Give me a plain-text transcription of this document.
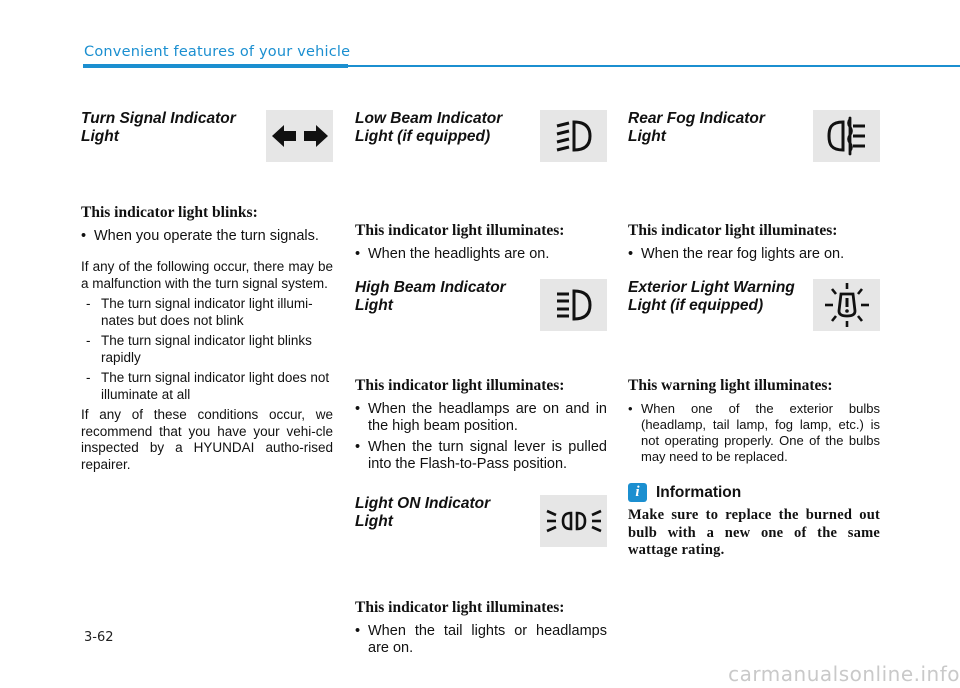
Convenient features of your vehicle
Turn Signal Indicator Light
This indicator light blinks:
• When you operate the turn signals.
If any of the following occur, there may be a malfunction with the turn signal system.
- The turn signal indicator light illumi-nates but does not blink
- The turn signal indicator light blinks rapidly
- The turn signal indicator light does not illuminate at all
If any of these conditions occur, we recommend that you have your vehi-cle inspected by a HYUNDAI autho-rised repairer.
Low Beam Indicator Light (if equipped)
This indicator light illuminates:
• When the headlights are on.
High Beam Indicator Light
This indicator light illuminates:
• When the headlamps are on and in the high beam position.
• When the turn signal lever is pulled into the Flash-to-Pass position.
Light ON Indicator Light
This indicator light illuminates:
• When the tail lights or headlamps are on.
Rear Fog Indicator Light
This indicator light illuminates:
• When the rear fog lights are on.
Exterior Light Warning Light (if equipped)
This warning light illuminates:
• When one of the exterior bulbs (headlamp, tail lamp, fog lamp, etc.) is not operating properly. One of the bulbs may need to be replaced.
i	Information
Make sure to replace the burned out bulb with a new one of the same wattage rating.
3-62
carmanualsonline.info
